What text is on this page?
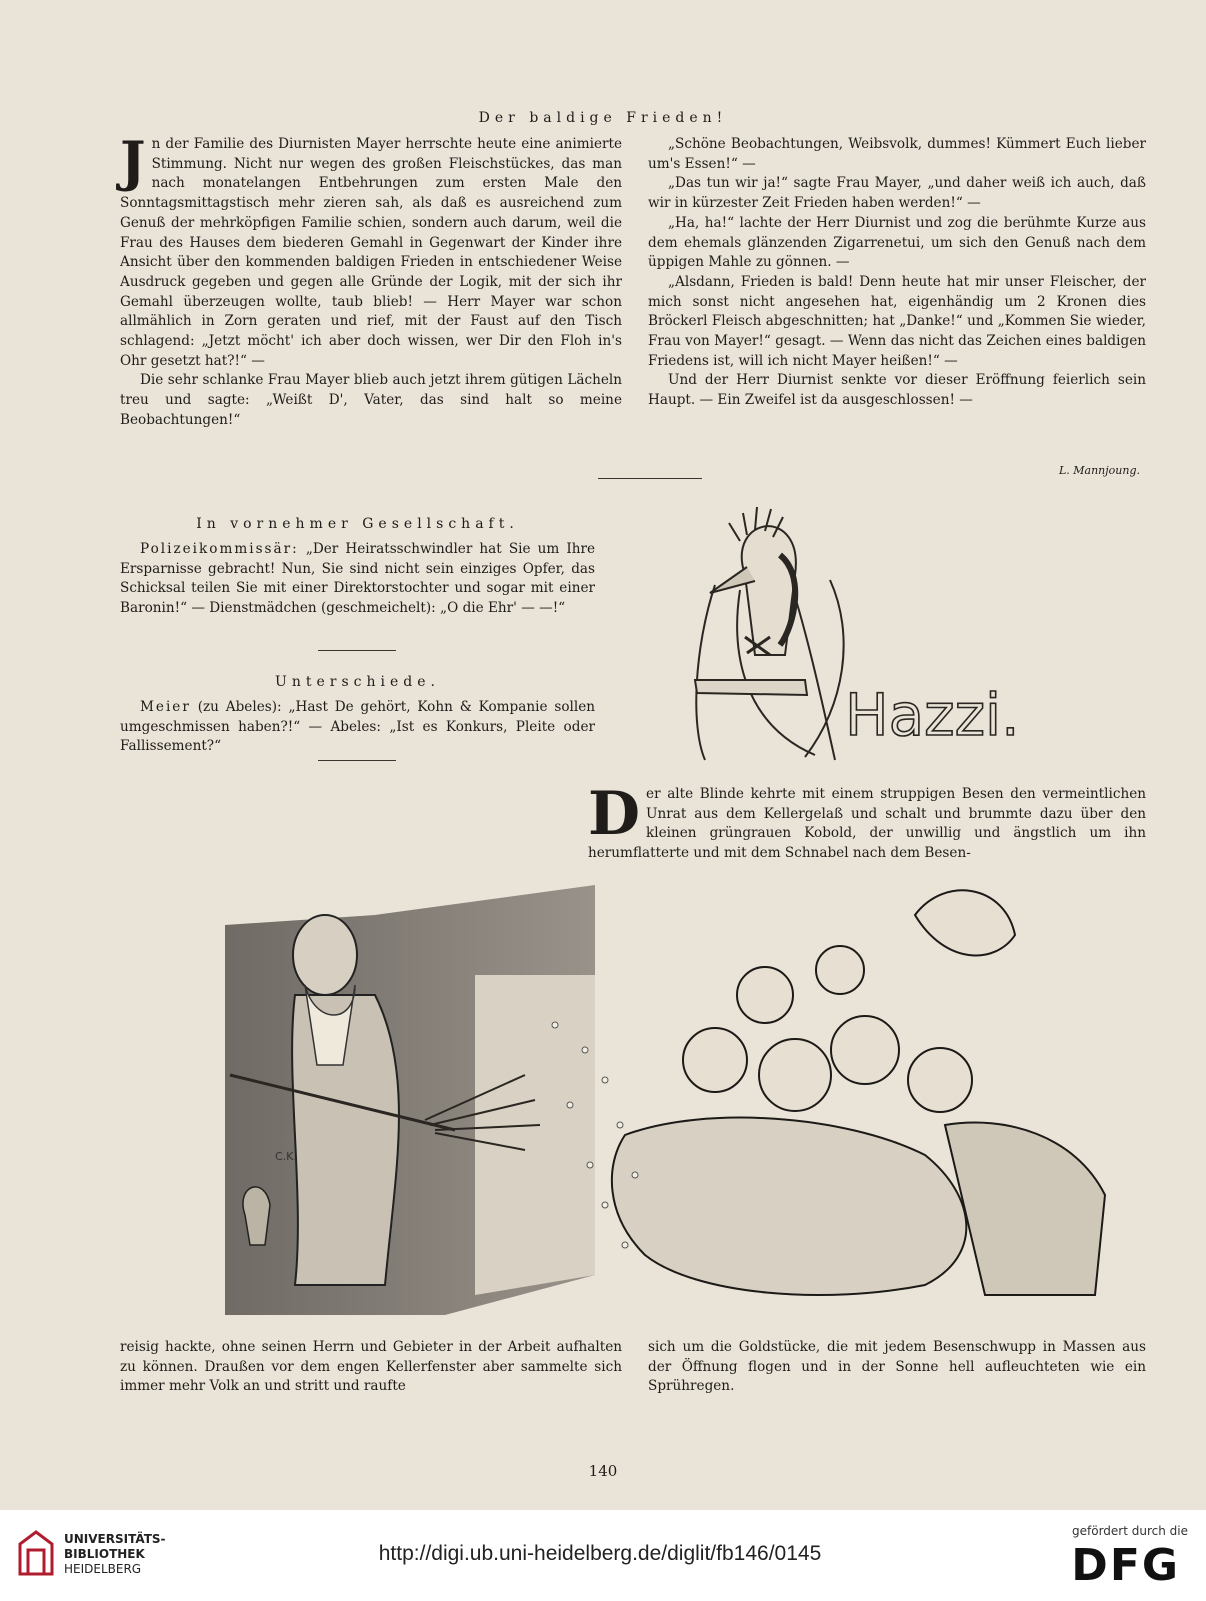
Der baldige Frieden!
J n der Familie des Diurnisten Mayer herrschte heute eine animierte Stimmung. Nicht nur wegen des großen Fleischstückes, das man nach monatelangen Entbehrungen zum ersten Male den Sonntagsmittagstisch mehr zieren sah, als daß es ausreichend zum Genuß der mehrköpfigen Familie schien, sondern auch darum, weil die Frau des Hauses dem biederen Gemahl in Gegenwart der Kinder ihre Ansicht über den kommenden baldigen Frieden in entschiedener Weise Ausdruck gegeben und gegen alle Gründe der Logik, mit der sich ihr Gemahl überzeugen wollte, taub blieb! — Herr Mayer war schon allmählich in Zorn geraten und rief, mit der Faust auf den Tisch schlagend: „Jetzt möcht' ich aber doch wissen, wer Dir den Floh in's Ohr gesetzt hat?!“ —

Die sehr schlanke Frau Mayer blieb auch jetzt ihrem gütigen Lächeln treu und sagte: „Weißt D', Vater, das sind halt so meine Beobachtungen!“

„Schöne Beobachtungen, Weibsvolk, dummes! Kümmert Euch lieber um's Essen!“ —

„Das tun wir ja!“ sagte Frau Mayer, „und daher weiß ich auch, daß wir in kürzester Zeit Frieden haben werden!“ —

„Ha, ha!“ lachte der Herr Diurnist und zog die berühmte Kurze aus dem ehemals glänzenden Zigarrenetui, um sich den Genuß nach dem üppigen Mahle zu gönnen. —

„Alsdann, Frieden is bald! Denn heute hat mir unser Fleischer, der mich sonst nicht angesehen hat, eigenhändig um 2 Kronen dies Bröckerl Fleisch abgeschnitten; hat „Danke!“ und „Kommen Sie wieder, Frau von Mayer!“ gesagt. — Wenn das nicht das Zeichen eines baldigen Friedens ist, will ich nicht Mayer heißen!“ —

Und der Herr Diurnist senkte vor dieser Eröffnung feierlich sein Haupt. — Ein Zweifel ist da ausgeschlossen! —

L. Mannjoung.
In vornehmer Gesellschaft.

Polizeikommissär: „Der Heiratsschwindler hat Sie um Ihre Ersparnisse gebracht! Nun, Sie sind nicht sein einziges Opfer, das Schicksal teilen Sie mit einer Direktorstochter und sogar mit einer Baronin!“ — Dienstmädchen (geschmeichelt): „O die Ehr' — —!“

Unterschiede.

Meier (zu Abeles): „Hast De gehört, Kohn & Kompanie sollen umgeschmissen haben?!“ — Abeles: „Ist es Konkurs, Pleite oder Fallissement?“	Hazzi.
D er alte Blinde kehrte mit einem struppigen Besen den vermeintlichen Unrat aus dem Kellergelaß und schalt und brummte dazu über den kleinen grüngrauen Kobold, der unwillig und ängstlich um ihn herumflatterte und mit dem Schnabel nach dem Besen-

C.K.

reisig hackte, ohne seinen Herrn und Gebieter in der Arbeit aufhalten zu können. Draußen vor dem engen Kellerfenster aber sammelte sich immer mehr Volk an und stritt und raufte

sich um die Goldstücke, die mit jedem Besenschwupp in Massen aus der Öffnung flogen und in der Sonne hell aufleuchteten wie ein Sprühregen.

140
UNIVERSITÄTS-
BIBLIOTHEK
HEIDELBERG
http://digi.ub.uni-heidelberg.de/diglit/fb146/0145
gefördert durch die
DFG
